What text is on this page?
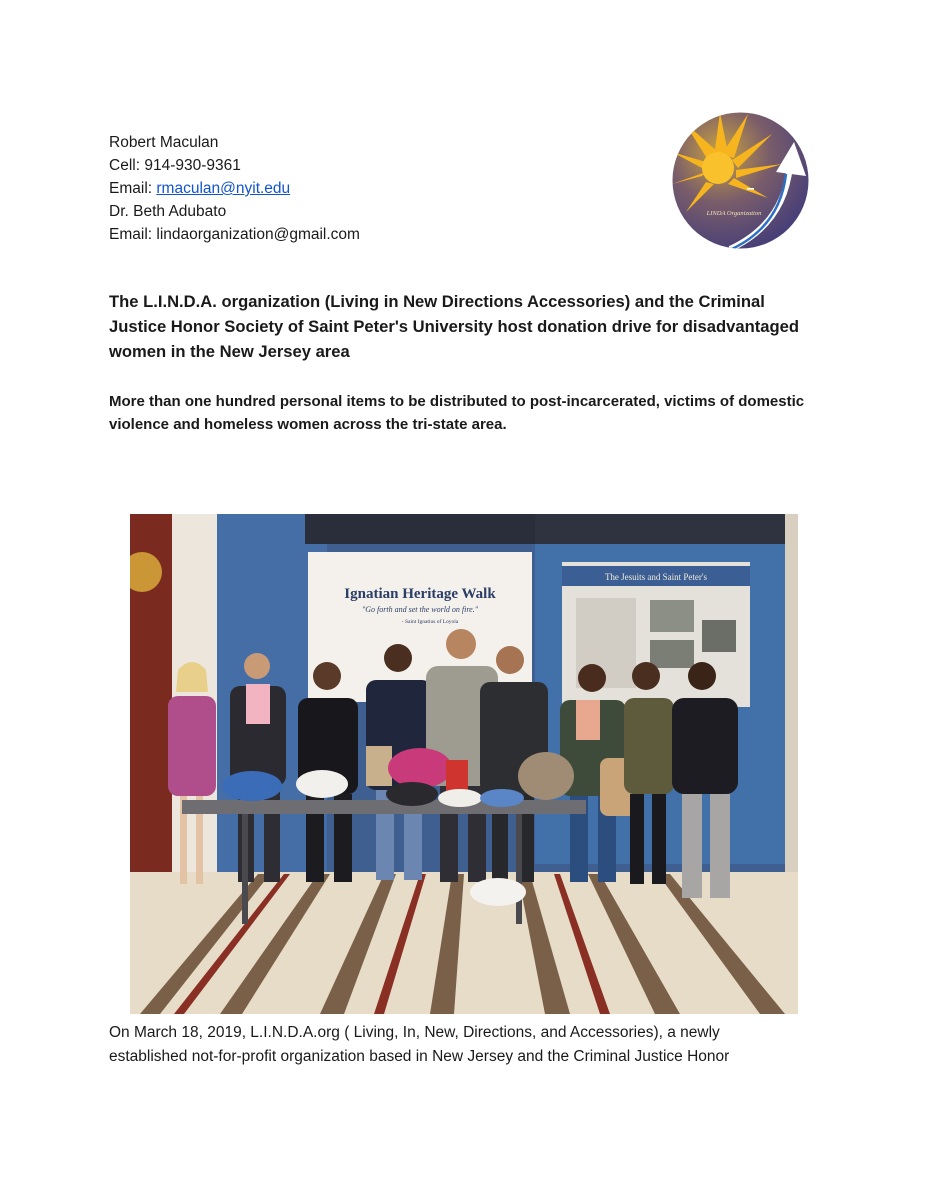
Robert Maculan
Cell: 914-930-9361
Email: rmaculan@nyit.edu
Dr. Beth Adubato
Email: lindaorganization@gmail.com
LINDA Organization
The L.I.N.D.A. organization (Living in New Directions Accessories) and the Criminal Justice Honor Society of Saint Peter's University host donation drive for disadvantaged women in the New Jersey area
More than one hundred personal items to be distributed to post-incarcerated, victims of domestic violence and homeless women across the tri-state area.
Ignatian Heritage Walk
"Go forth and set the world on fire."
- Saint Ignatius of Loyola
The Jesuits and Saint Peter's

On March 18, 2019, L.I.N.D.A.org ( Living, In, New, Directions, and Accessories), a newly
established not-for-profit organization based in New Jersey and the Criminal Justice Honor
